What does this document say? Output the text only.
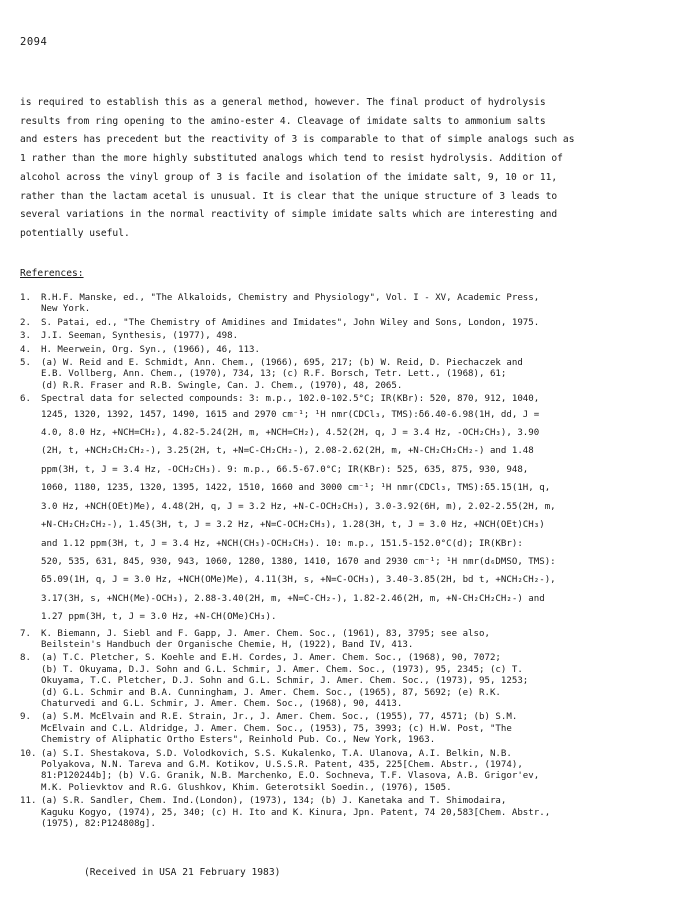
2094
is required to establish this as a general method, however. The final product of hydrolysis
results from ring opening to the amino-ester 4. Cleavage of imidate salts to ammonium salts
and esters has precedent but the reactivity of 3 is comparable to that of simple analogs such as
1 rather than the more highly substituted analogs which tend to resist hydrolysis. Addition of
alcohol across the vinyl group of 3 is facile and isolation of the imidate salt, 9, 10 or 11,
rather than the lactam acetal is unusual. It is clear that the unique structure of 3 leads to
several variations in the normal reactivity of simple imidate salts which are interesting and
potentially useful.
References:
1.	R.H.F. Manske, ed., "The Alkaloids, Chemistry and Physiology", Vol. I - XV, Academic Press,
New York.
2.	S. Patai, ed., "The Chemistry of Amidines and Imidates", John Wiley and Sons, London, 1975.
3.	J.I. Seeman, Synthesis, (1977), 498.
4.	H. Meerwein, Org. Syn., (1966), 46, 113.
5.	(a) W. Reid and E. Schmidt, Ann. Chem., (1966), 695, 217; (b) W. Reid, D. Piechaczek and
E.B. Vollberg, Ann. Chem., (1970), 734, 13; (c) R.F. Borsch, Tetr. Lett., (1968), 61;
(d) R.R. Fraser and R.B. Swingle, Can. J. Chem., (1970), 48, 2065.
6.	Spectral data for selected compounds: 3: m.p., 102.0-102.5°C; IR(KBr): 520, 870, 912, 1040,
1245, 1320, 1392, 1457, 1490, 1615 and 2970 cm⁻¹; ¹H nmr(CDCl₃, TMS):δ6.40-6.98(1H, dd, J =
4.0, 8.0 Hz, +NCH=CH₂), 4.82-5.24(2H, m, +NCH=CH₂), 4.52(2H, q, J = 3.4 Hz, -OCH₂CH₃), 3.90
(2H, t, +NCH₂CH₂CH₂-), 3.25(2H, t, +N=C-CH₂CH₂-), 2.08-2.62(2H, m, +N-CH₂CH₂CH₂-) and 1.48
ppm(3H, t, J = 3.4 Hz, -OCH₂CH₃). 9: m.p., 66.5-67.0°C; IR(KBr): 525, 635, 875, 930, 948,
1060, 1180, 1235, 1320, 1395, 1422, 1510, 1660 and 3000 cm⁻¹; ¹H nmr(CDCl₃, TMS):δ5.15(1H, q,
3.0 Hz, +NCH(OEt)Me), 4.48(2H, q, J = 3.2 Hz, +N-C-OCH₂CH₃), 3.0-3.92(6H, m), 2.02-2.55(2H, m,
+N-CH₂CH₂CH₂-), 1.45(3H, t, J = 3.2 Hz, +N=C-OCH₂CH₃), 1.28(3H, t, J = 3.0 Hz, +NCH(OEt)CH₃)
and 1.12 ppm(3H, t, J = 3.4 Hz, +NCH(CH₃)-OCH₂CH₃). 10: m.p., 151.5-152.0°C(d); IR(KBr):
520, 535, 631, 845, 930, 943, 1060, 1280, 1380, 1410, 1670 and 2930 cm⁻¹; ¹H nmr(d₆DMSO, TMS):
δ5.09(1H, q, J = 3.0 Hz, +NCH(OMe)Me), 4.11(3H, s, +N=C-OCH₃), 3.40-3.85(2H, bd t, +NCH₂CH₂-),
3.17(3H, s, +NCH(Me)-OCH₃), 2.88-3.40(2H, m, +N=C-CH₂-), 1.82-2.46(2H, m, +N-CH₂CH₂CH₂-) and
1.27 ppm(3H, t, J = 3.0 Hz, +N-CH(OMe)CH₃).
7.	K. Biemann, J. Siebl and F. Gapp, J. Amer. Chem. Soc., (1961), 83, 3795; see also,
Beilstein's Handbuch der Organische Chemie, H, (1922), Band IV, 413.
8.	(a) T.C. Pletcher, S. Koehle and E.H. Cordes, J. Amer. Chem. Soc., (1968), 90, 7072;
(b) T. Okuyama, D.J. Sohn and G.L. Schmir, J. Amer. Chem. Soc., (1973), 95, 2345; (c) T.
Okuyama, T.C. Pletcher, D.J. Sohn and G.L. Schmir, J. Amer. Chem. Soc., (1973), 95, 1253;
(d) G.L. Schmir and B.A. Cunningham, J. Amer. Chem. Soc., (1965), 87, 5692; (e) R.K.
Chaturvedi and G.L. Schmir, J. Amer. Chem. Soc., (1968), 90, 4413.
9.	(a) S.M. McElvain and R.E. Strain, Jr., J. Amer. Chem. Soc., (1955), 77, 4571; (b) S.M.
McElvain and C.L. Aldridge, J. Amer. Chem. Soc., (1953), 75, 3993; (c) H.W. Post, "The
Chemistry of Aliphatic Ortho Esters", Reinhold Pub. Co., New York, 1963.
10. (a) S.I. Shestakova, S.D. Volodkovich, S.S. Kukalenko, T.A. Ulanova, A.I. Belkin, N.B.
Polyakova, N.N. Tareva and G.M. Kotikov, U.S.S.R. Patent, 435, 225[Chem. Abstr., (1974),
81:P120244b]; (b) V.G. Granik, N.B. Marchenko, E.O. Sochneva, T.F. Vlasova, A.B. Grigor'ev,
M.K. Polievktov and R.G. Glushkov, Khim. Geterotsikl Soedin., (1976), 1505.
11. (a) S.R. Sandler, Chem. Ind.(London), (1973), 134; (b) J. Kanetaka and T. Shimodaira,
Kaguku Kogyo, (1974), 25, 340; (c) H. Ito and K. Kinura, Jpn. Patent, 74 20,583[Chem. Abstr.,
(1975), 82:P124808g].
(Received in USA 21 February 1983)
